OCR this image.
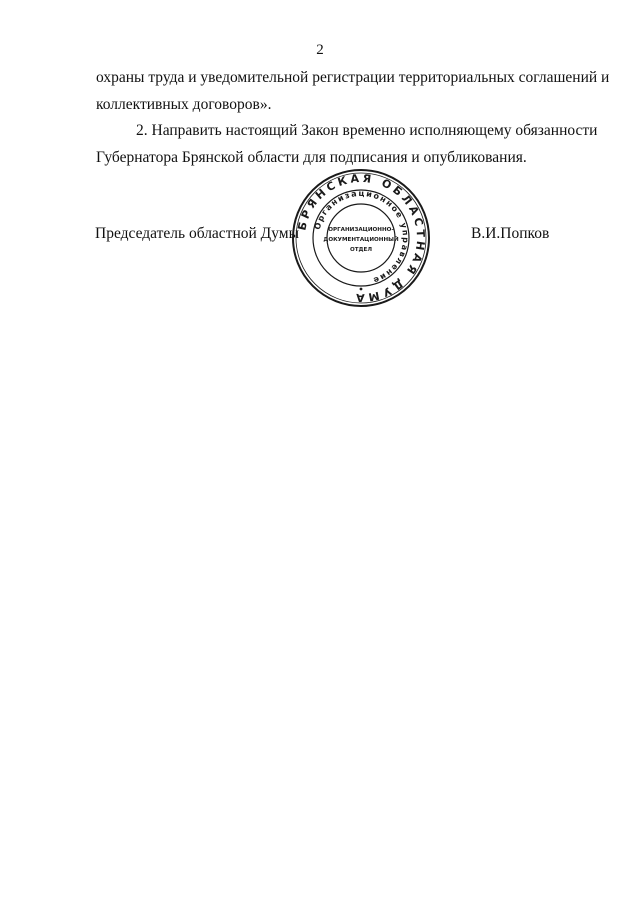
2
охраны труда и уведомительной регистрации территориальных соглашений и
коллективных договоров».
2. Направить настоящий Закон временно исполняющему обязанности
Губернатора Брянской области для подписания и опубликования.
Председатель областной Думы	В.И.Попков
БРЯНСКАЯ ОБЛАСТНАЯ ДУМА
Организационное управление
ОРГАНИЗАЦИОННО-
ДОКУМЕНТАЦИОННЫЙ
ОТДЕЛ
